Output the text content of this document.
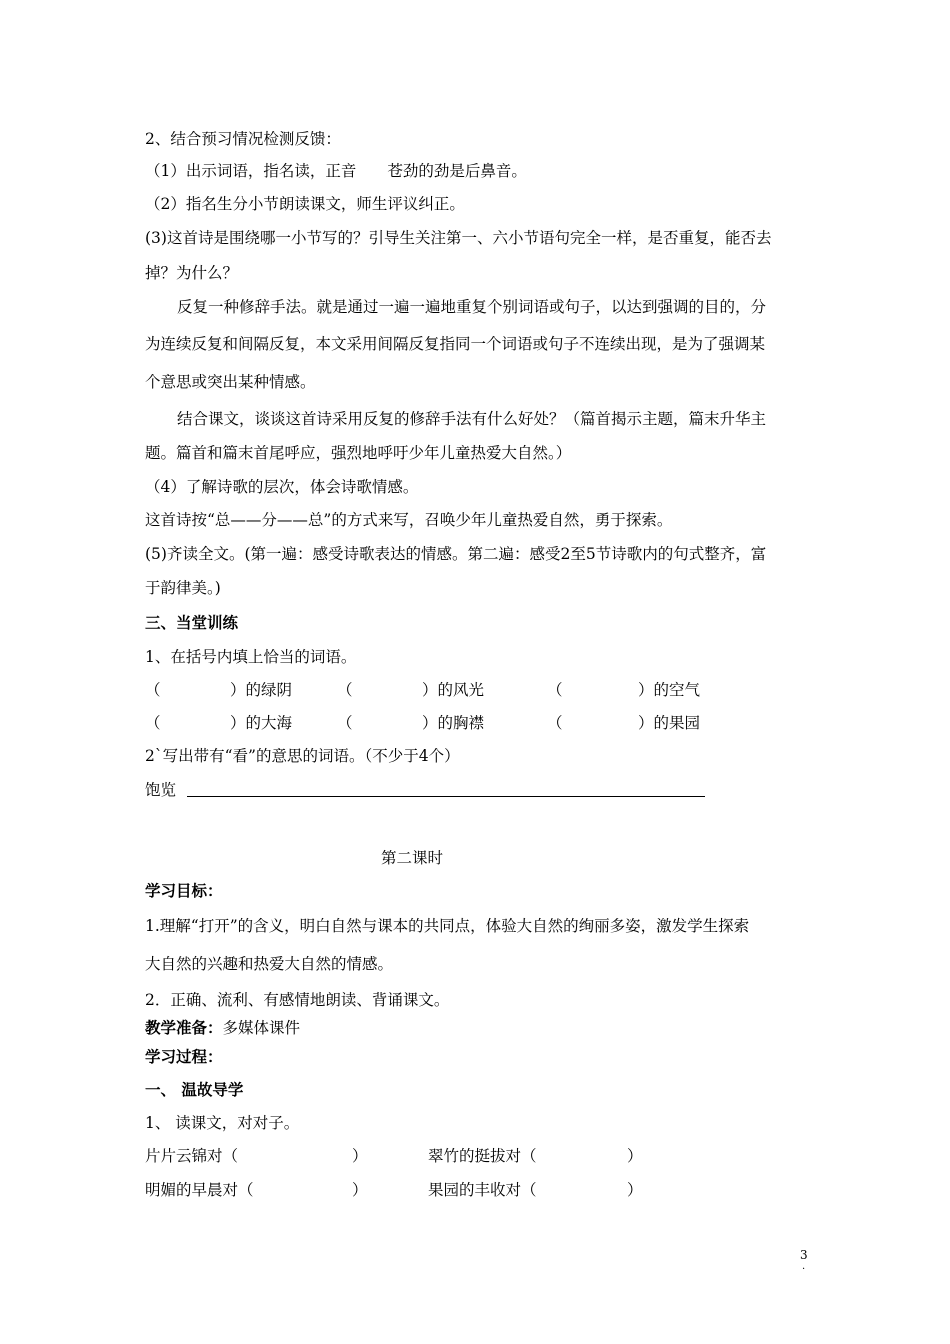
2、结合预习情况检测反馈：
（1）出示词语，指名读，正音　　苍劲的劲是后鼻音。
（2）指名生分小节朗读课文，师生评议纠正。
(3)这首诗是围绕哪一小节写的？引导生关注第一、六小节语句完全一样，是否重复，能否去
掉？为什么？
反复一种修辞手法。就是通过一遍一遍地重复个别词语或句子，以达到强调的目的，分
为连续反复和间隔反复，本文采用间隔反复指同一个词语或句子不连续出现，是为了强调某
个意思或突出某种情感。
结合课文，谈谈这首诗采用反复的修辞手法有什么好处？（篇首揭示主题，篇末升华主
题。篇首和篇末首尾呼应，强烈地呼吁少年儿童热爱大自然。）
（4）了解诗歌的层次，体会诗歌情感。
这首诗按“总——分——总”的方式来写，召唤少年儿童热爱自然，勇于探索。
(5)齐读全文。(第一遍：感受诗歌表达的情感。第二遍：感受2至5节诗歌内的句式整齐，富
于韵律美。)
三、当堂训练
1、在括号内填上恰当的词语。
（	）的绿阴	（	）的风光	（	）的空气
（	）的大海	（	）的胸襟	（	）的果园
2`写出带有“看”的意思的词语。（不少于4个）
饱览
第二课时
学习目标：
1.理解“打开”的含义，明白自然与课本的共同点，体验大自然的绚丽多姿，激发学生探索
大自然的兴趣和热爱大自然的情感。
2．正确、流利、有感情地朗读、背诵课文。
教学准备：多媒体课件
学习过程：
一、 温故导学
1、 读课文，对对子。
片片云锦对（	）	翠竹的挺拔对（	）
明媚的早晨对（	）	果园的丰收对（	）
3
.
